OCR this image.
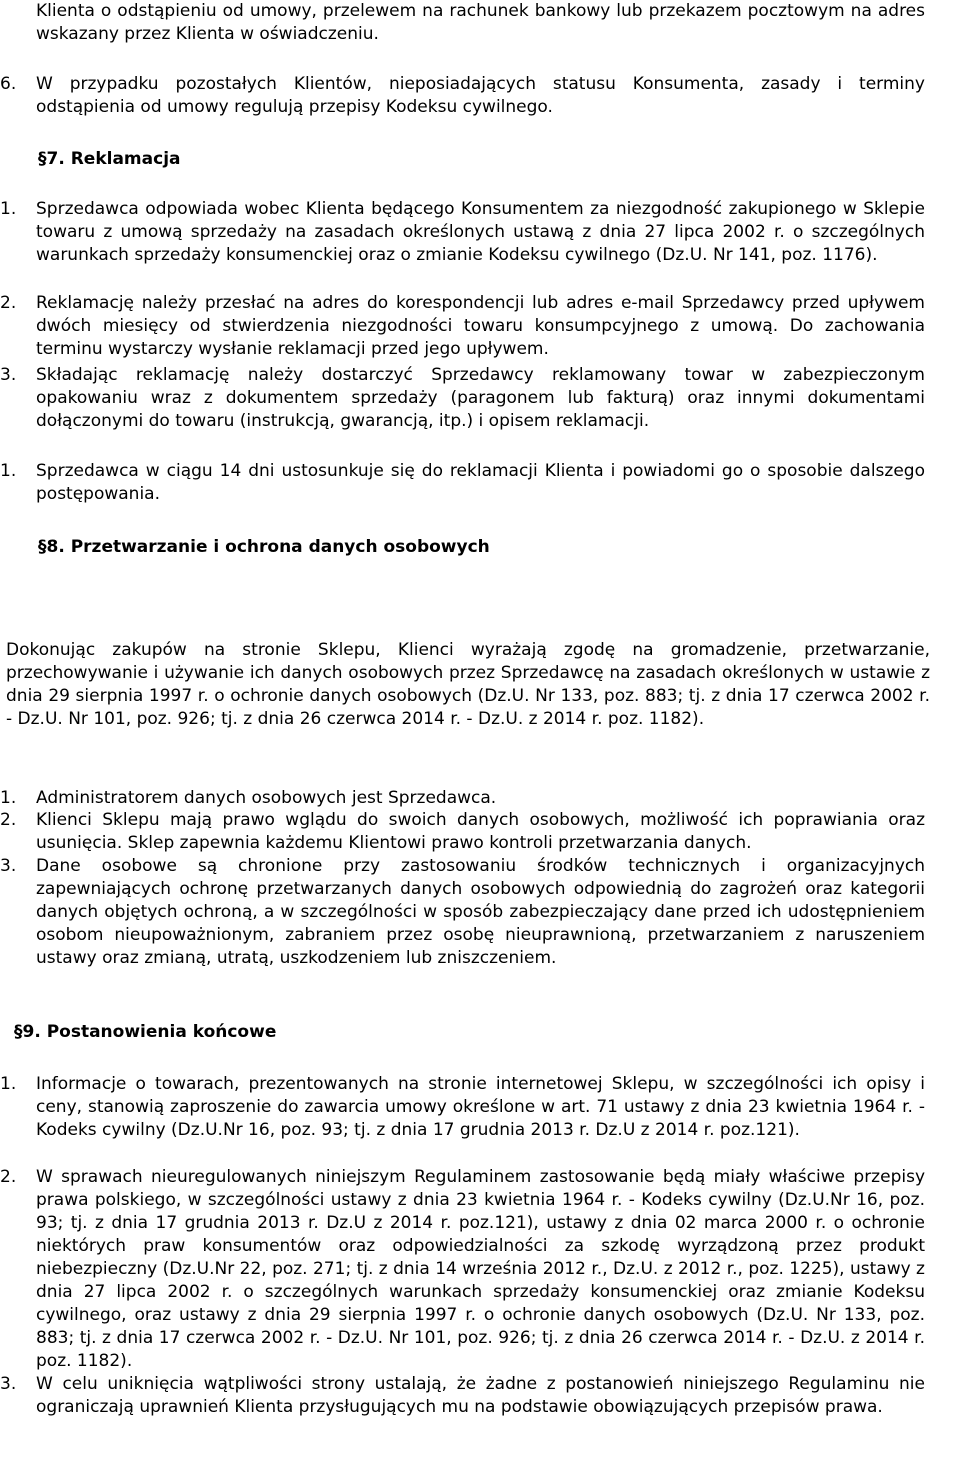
Klienta o odstąpieniu od umowy, przelewem na rachunek bankowy lub przekazem pocztowym na adres wskazany przez Klienta w oświadczeniu.
6.	W przypadku pozostałych Klientów, nieposiadających statusu Konsumenta, zasady i terminy odstąpienia od umowy regulują przepisy Kodeksu cywilnego.
§7. Reklamacja
1.	Sprzedawca odpowiada wobec Klienta będącego Konsumentem za niezgodność zakupionego w Sklepie towaru z umową sprzedaży na zasadach określonych ustawą z dnia 27 lipca 2002 r. o szczególnych warunkach sprzedaży konsumenckiej oraz o zmianie Kodeksu cywilnego (Dz.U. Nr 141, poz. 1176).
2.	Reklamację należy przesłać na adres do korespondencji lub adres e-mail Sprzedawcy przed upływem dwóch miesięcy od stwierdzenia niezgodności towaru konsumpcyjnego z umową. Do zachowania terminu wystarczy wysłanie reklamacji przed jego upływem.
3.	Składając reklamację należy dostarczyć Sprzedawcy reklamowany towar w zabezpieczonym opakowaniu wraz z dokumentem sprzedaży (paragonem lub fakturą) oraz innymi dokumentami dołączonymi do towaru (instrukcją, gwarancją, itp.) i opisem reklamacji.
1.	Sprzedawca w ciągu 14 dni ustosunkuje się do reklamacji Klienta i powiadomi go o sposobie dalszego postępowania.
§8. Przetwarzanie i ochrona danych osobowych
Dokonując zakupów na stronie Sklepu, Klienci wyrażają zgodę na gromadzenie, przetwarzanie, przechowywanie i używanie ich danych osobowych przez Sprzedawcę na zasadach określonych w ustawie z dnia 29 sierpnia 1997 r. o ochronie danych osobowych (Dz.U. Nr 133, poz. 883; tj. z dnia 17 czerwca 2002 r. - Dz.U. Nr 101, poz. 926; tj. z dnia 26 czerwca 2014 r. - Dz.U. z 2014 r. poz. 1182).
1.	Administratorem danych osobowych jest Sprzedawca.
2.	Klienci Sklepu mają prawo wglądu do swoich danych osobowych, możliwość ich poprawiania oraz usunięcia. Sklep zapewnia każdemu Klientowi prawo kontroli przetwarzania danych.
3.	Dane osobowe są chronione przy zastosowaniu środków technicznych i organizacyjnych zapewniających ochronę przetwarzanych danych osobowych odpowiednią do zagrożeń oraz kategorii danych objętych ochroną, a w szczególności w sposób zabezpieczający dane przed ich udostępnieniem osobom nieupoważnionym, zabraniem przez osobę nieuprawnioną, przetwarzaniem z naruszeniem ustawy oraz zmianą, utratą, uszkodzeniem lub zniszczeniem.
§9. Postanowienia końcowe
1.	Informacje o towarach, prezentowanych na stronie internetowej Sklepu, w szczególności ich opisy i ceny, stanowią zaproszenie do zawarcia umowy określone w art. 71 ustawy z dnia 23 kwietnia 1964 r. - Kodeks cywilny (Dz.U.Nr 16, poz. 93; tj. z dnia 17 grudnia 2013 r. Dz.U z 2014 r. poz.121).
2.	W sprawach nieuregulowanych niniejszym Regulaminem zastosowanie będą miały właściwe przepisy prawa polskiego, w szczególności ustawy z dnia 23 kwietnia 1964 r. - Kodeks cywilny (Dz.U.Nr 16, poz. 93; tj. z dnia 17 grudnia 2013 r. Dz.U z 2014 r. poz.121), ustawy z dnia 02 marca 2000 r. o ochronie niektórych praw konsumentów oraz odpowiedzialności za szkodę wyrządzoną przez produkt niebezpieczny (Dz.U.Nr 22, poz. 271; tj. z dnia 14 września 2012 r., Dz.U. z 2012 r., poz. 1225), ustawy z dnia 27 lipca 2002 r. o szczególnych warunkach sprzedaży konsumenckiej oraz zmianie Kodeksu cywilnego, oraz ustawy z dnia 29 sierpnia 1997 r. o ochronie danych osobowych (Dz.U. Nr 133, poz. 883; tj. z dnia 17 czerwca 2002 r. - Dz.U. Nr 101, poz. 926; tj. z dnia 26 czerwca 2014 r. - Dz.U. z 2014 r. poz. 1182).
3.	W celu uniknięcia wątpliwości strony ustalają, że żadne z postanowień niniejszego Regulaminu nie ograniczają uprawnień Klienta przysługujących mu na podstawie obowiązujących przepisów prawa.
